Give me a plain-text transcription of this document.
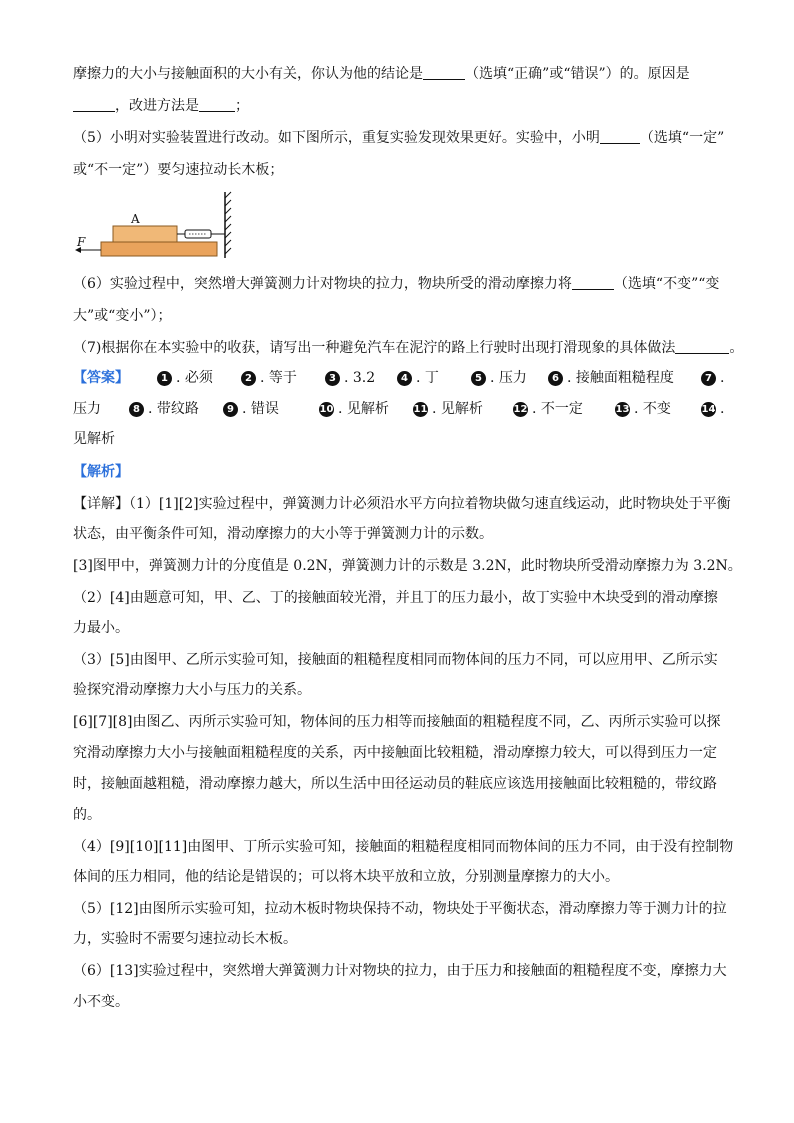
摩擦力的大小与接触面积的大小有关，你认为他的结论是	（选填“正确”或“错误”）的。原因是
，改进方法是	；
（5）小明对实验装置进行改动。如下图所示，重复实验发现效果更好。实验中，小明	（选填“一定”
或“不一定”）要匀速拉动长木板；
A
F
（6）实验过程中，突然增大弹簧测力计对物块的拉力，物块所受的滑动摩擦力将	（选填“不变”“变
大”或“变小”）；
（7)根据你在本实验中的收获，请写出一种避免汽车在泥泞的路上行驶时出现打滑现象的具体做法	。
【答案】	1 . 必须	2 . 等于	3 . 3.2	4 . 丁	5 . 压力	6 . 接触面粗糙程度	7 .
压力	8 . 带纹路	9 . 错误	10 . 见解析 11 . 见解析	12 . 不一定	13 . 不变	14 .
见解析
【解析】
【详解】（1）[1][2]实验过程中，弹簧测力计必须沿水平方向拉着物块做匀速直线运动，此时物块处于平衡
状态，由平衡条件可知，滑动摩擦力的大小等于弹簧测力计的示数。
[3]图甲中，弹簧测力计的分度值是 0.2N，弹簧测力计的示数是 3.2N，此时物块所受滑动摩擦力为 3.2N。
（2）[4]由题意可知，甲、乙、丁的接触面较光滑，并且丁的压力最小，故丁实验中木块受到的滑动摩擦
力最小。
（3）[5]由图甲、乙所示实验可知，接触面的粗糙程度相同而物体间的压力不同，可以应用甲、乙所示实
验探究滑动摩擦力大小与压力的关系。
[6][7][8]由图乙、丙所示实验可知，物体间的压力相等而接触面的粗糙程度不同，乙、丙所示实验可以探
究滑动摩擦力大小与接触面粗糙程度的关系，丙中接触面比较粗糙，滑动摩擦力较大，可以得到压力一定
时，接触面越粗糙，滑动摩擦力越大，所以生活中田径运动员的鞋底应该选用接触面比较粗糙的，带纹路
的。
（4）[9][10][11]由图甲、丁所示实验可知，接触面的粗糙程度相同而物体间的压力不同，由于没有控制物
体间的压力相同，他的结论是错误的；可以将木块平放和立放，分别测量摩擦力的大小。
（5）[12]由图所示实验可知，拉动木板时物块保持不动，物块处于平衡状态，滑动摩擦力等于测力计的拉
力，实验时不需要匀速拉动长木板。
（6）[13]实验过程中，突然增大弹簧测力计对物块的拉力，由于压力和接触面的粗糙程度不变，摩擦力大
小不变。
